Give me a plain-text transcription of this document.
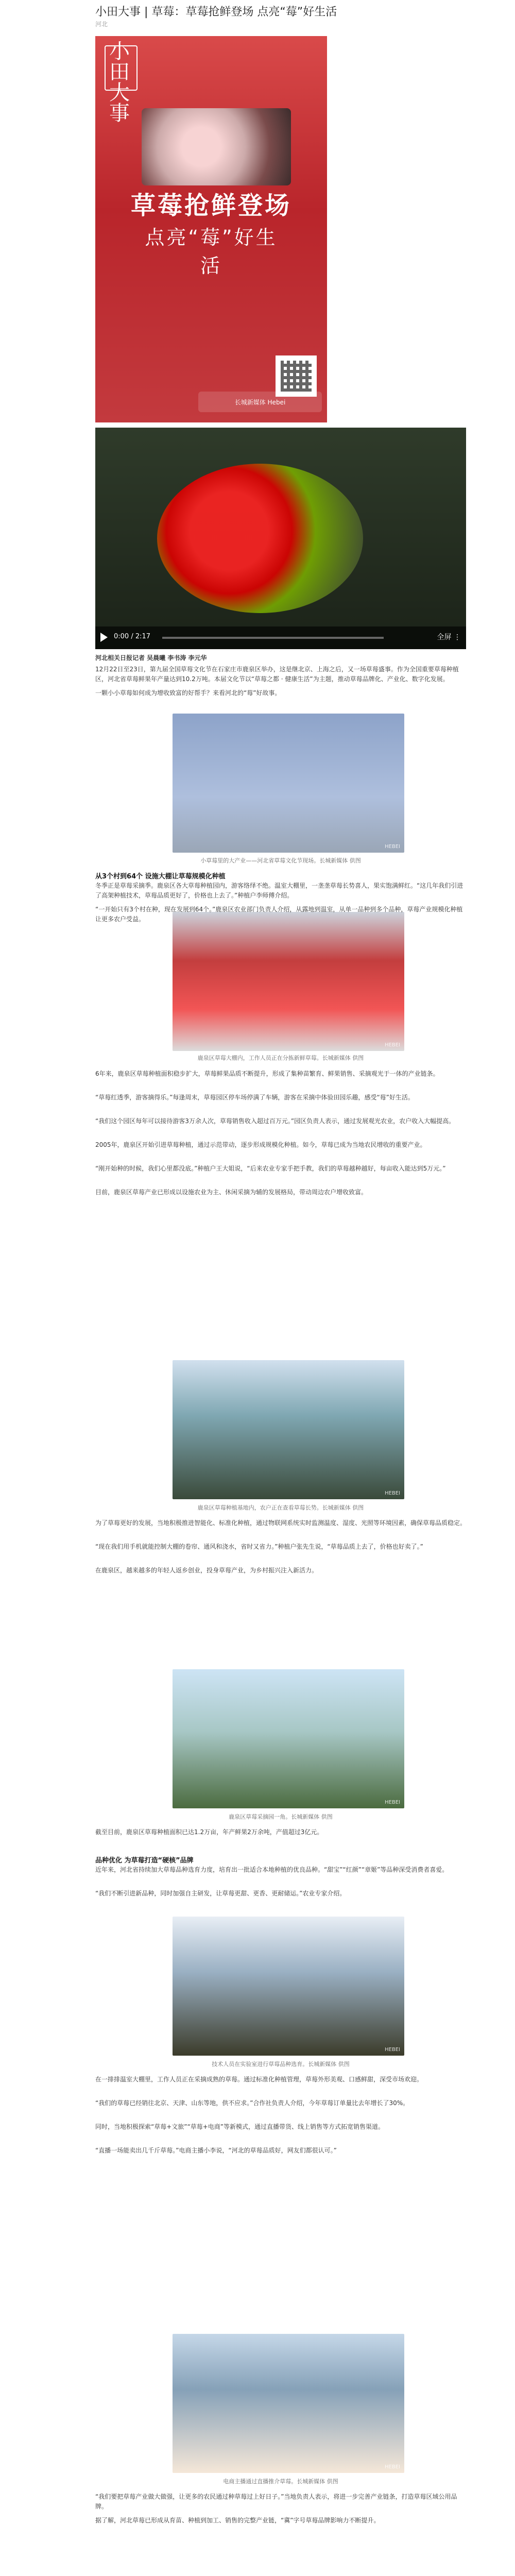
小田大事 | 草莓：草莓抢鲜登场 点亮“莓”好生活
河北
小田大事
草莓抢鲜登场
点亮“莓”好生活
长城新媒体 Hebei
0:00 / 2:17	全屏 ⋮
HEBEI
HEBEI
HEBEI
HEBEI
HEBEI
HEBEI
河北相关日报记者 吴晨曦 李书涛 李元华
12月22日至23日，第九届全国草莓文化节在石家庄市鹿泉区举办，这是继北京、上海之后，又一场草莓盛事。作为全国重要草莓种植区，河北省草莓鲜果年产量达到10.2万吨。本届文化节以“草莓之都 · 健康生活”为主题，推动草莓品牌化、产业化、数字化发展。
一颗小小草莓如何成为增收致富的好帮手？来看河北的“莓”好故事。
小草莓里的大产业——河北省草莓文化节现场。长城新媒体 供图
从3个村到64个 设施大棚让草莓规模化种植
冬季正是草莓采摘季。鹿泉区各大草莓种植园内，游客络绎不绝。温室大棚里，一垄垄草莓长势喜人，果实饱满鲜红。“这几年我们引进了高架种植技术，草莓品质更好了，价格也上去了。”种植户李师傅介绍。
“一开始只有3个村在种，现在发展到64个。”鹿泉区农业部门负责人介绍，从露地到温室，从单一品种到多个品种，草莓产业规模化种植让更多农户受益。
鹿泉区草莓大棚内，工作人员正在分拣新鲜草莓。长城新媒体 供图
6年来，鹿泉区草莓种植面积稳步扩大，草莓鲜果品质不断提升，形成了集种苗繁育、鲜果销售、采摘观光于一体的产业链条。
“草莓红透季，游客摘得乐。”每逢周末，草莓园区停车场停满了车辆，游客在采摘中体验田园乐趣，感受“莓”好生活。
“我们这个园区每年可以接待游客3万余人次，草莓销售收入超过百万元。”园区负责人表示，通过发展观光农业，农户收入大幅提高。
2005年，鹿泉区开始引进草莓种植，通过示范带动，逐步形成规模化种植。如今，草莓已成为当地农民增收的重要产业。
“刚开始种的时候，我们心里都没底。”种植户王大姐说，“后来农业专家手把手教，我们的草莓越种越好，每亩收入能达到5万元。”
目前，鹿泉区草莓产业已形成以设施农业为主、休闲采摘为辅的发展格局，带动周边农户增收致富。
鹿泉区草莓种植基地内，农户正在查看草莓长势。长城新媒体 供图
为了草莓更好的发展，当地积极推进智能化、标准化种植，通过物联网系统实时监测温度、湿度、光照等环境因素，确保草莓品质稳定。
“现在我们用手机就能控制大棚的卷帘、通风和浇水，省时又省力。”种植户张先生说，“草莓品质上去了，价格也好卖了。”
在鹿泉区，越来越多的年轻人返乡创业，投身草莓产业，为乡村振兴注入新活力。
鹿泉区草莓采摘园一角。长城新媒体 供图
截至目前，鹿泉区草莓种植面积已达1.2万亩，年产鲜果2万余吨，产值超过3亿元。
品种优化 为草莓打造“硬核”品牌
近年来，河北省持续加大草莓品种选育力度，培育出一批适合本地种植的优良品种。“甜宝”“红颜”“章姬”等品种深受消费者喜爱。
“我们不断引进新品种，同时加强自主研发，让草莓更甜、更香、更耐储运。”农业专家介绍。
技术人员在实验室进行草莓品种选育。长城新媒体 供图
在一排排温室大棚里，工作人员正在采摘成熟的草莓。通过标准化种植管理，草莓外形美观、口感鲜甜，深受市场欢迎。
“我们的草莓已经销往北京、天津、山东等地，供不应求。”合作社负责人介绍，今年草莓订单量比去年增长了30%。
同时，当地积极探索“草莓+文旅”“草莓+电商”等新模式，通过直播带货、线上销售等方式拓宽销售渠道。
“直播一场能卖出几千斤草莓。”电商主播小李说，“河北的草莓品质好，网友们都很认可。”
电商主播通过直播推介草莓。长城新媒体 供图
“我们要把草莓产业做大做强，让更多的农民通过种草莓过上好日子。”当地负责人表示，将进一步完善产业链条，打造草莓区域公用品牌。
据了解，河北草莓已形成从育苗、种植到加工、销售的完整产业链，“冀”字号草莓品牌影响力不断提升。
